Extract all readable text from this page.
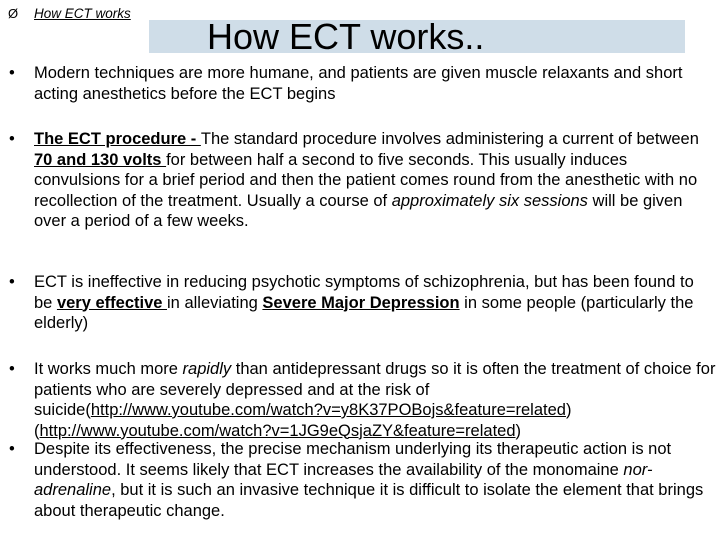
Ø How ECT works
How ECT works..
• Modern techniques are more humane, and patients are given muscle relaxants and short acting anesthetics before the ECT begins
• The ECT procedure - The standard procedure involves administering a current of between 70 and 130 volts for between half a second to five seconds. This usually induces convulsions for a brief period and then the patient comes round from the anesthetic with no recollection of the treatment. Usually a course of approximately six sessions will be given over a period of a few weeks.
• ECT is ineffective in reducing psychotic symptoms of schizophrenia, but has been found to be very effective in alleviating Severe Major Depression in some people (particularly the elderly)
• It works much more rapidly than antidepressant drugs so it is often the treatment of choice for patients who are severely depressed and at the risk of suicide(http://www.youtube.com/watch?v=y8K37POBojs&feature=related) (http://www.youtube.com/watch?v=1JG9eQsjaZY&feature=related)
• Despite its effectiveness, the precise mechanism underlying its therapeutic action is not understood. It seems likely that ECT increases the availability of the monomaine nor-adrenaline, but it is such an invasive technique it is difficult to isolate the element that brings about therapeutic change.
